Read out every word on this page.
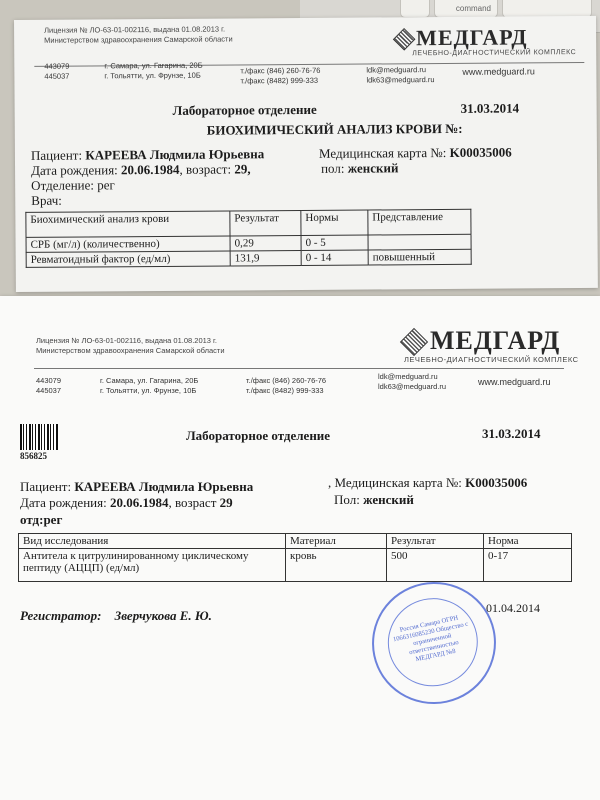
command
Лицензия № ЛО-63-01-002116, выдана 01.08.2013 г.
Министерством здравоохранения Самарской области	МЕДГАРД
ЛЕЧЕБНО-ДИАГНОСТИЧЕСКИЙ КОМПЛЕКС
443079
445037
г. Самара, ул. Гагарина, 20Б
г. Тольятти, ул. Фрунзе, 10Б
т./факс (846) 260-76-76
т./факс (8482) 999-333
ldk@medguard.ru
ldk63@medguard.ru
www.medguard.ru
Лабораторное отделение	31.03.2014
БИОХИМИЧЕСКИЙ АНАЛИЗ КРОВИ №:
Пациент: КАРЕЕВА Людмила Юрьевна
Дата рождения: 20.06.1984, возраст: 29,
Отделение: рег
Врач:
Медицинская карта №: K00035006
пол: женский
Биохимический анализ крови	Результат	Нормы	Представление
СРБ (мг/л) (количественно)	0,29	0 - 5	
Ревматоидный фактор (ед/мл)	131,9	0 - 14	повышенный
Лицензия № ЛО-63-01-002116, выдана 01.08.2013 г.
Министерством здравоохранения Самарской области	МЕДГАРД
ЛЕЧЕБНО-ДИАГНОСТИЧЕСКИЙ КОМПЛЕКС
443079
445037
г. Самара, ул. Гагарина, 20Б
г. Тольятти, ул. Фрунзе, 10Б
т./факс (846) 260-76-76
т./факс (8482) 999-333
ldk@medguard.ru
ldk63@medguard.ru	www.medguard.ru
856825
Лабораторное отделение	31.03.2014
Пациент: КАРЕЕВА Людмила Юрьевна
Дата рождения: 20.06.1984, возраст 29
отд:рег
, Медицинская карта №: K00035006
Пол: женский
Вид исследования	Материал	Результат	Норма

Антитела к цитрулинированному циклическому
пептиду (АЦЦП) (ед/мл)	кровь	500	0-17
Регистратор: Зверчукова Е. Ю.	01.04.2014
Россия Самара ОГРН 1066316085230 Общество с ограниченной ответственностью МЕДГАРД №8
